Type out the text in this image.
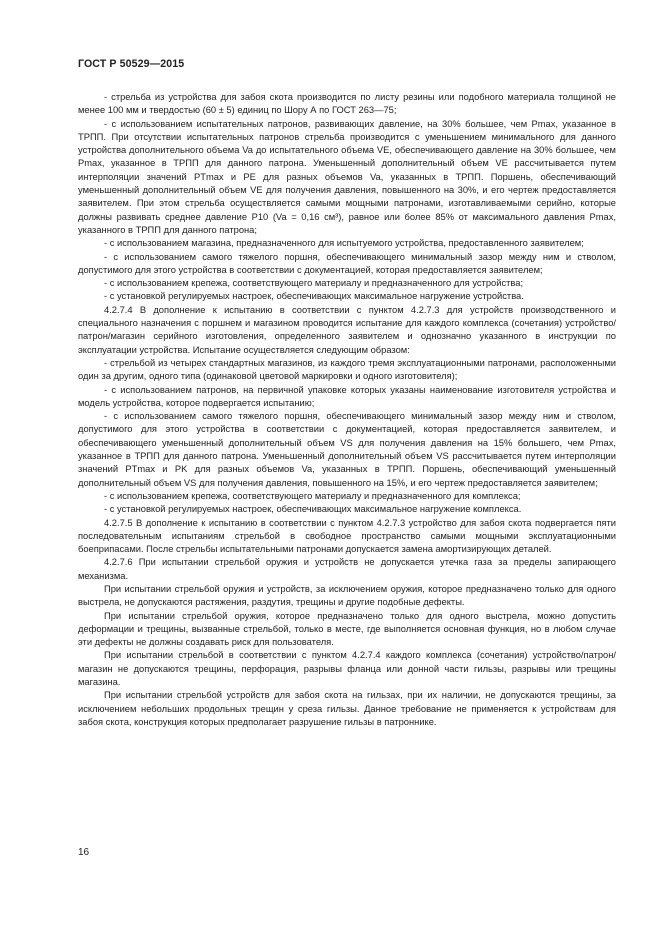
ГОСТ Р 50529—2015

- стрельба из устройства для забоя скота производится по листу резины или подобного материала толщиной не менее 100 мм и твердостью (60 ± 5) единиц по Шору А по ГОСТ 263—75;

- с использованием испытательных патронов, развивающих давление, на 30% большее, чем Pmax, указанное в ТРПП. При отсутствии испытательных патронов стрельба производится с уменьшением минимального для данного устройства дополнительного объема Va до испытательного объема VE, обеспечивающего давление на 30% большее, чем Pmax, указанное в ТРПП для данного патрона. Уменьшенный дополнительный объем VE рассчитывается путем интерполяции значений PTmax и PE для разных объемов Va, указанных в ТРПП. Поршень, обеспечивающий уменьшенный дополнительный объем VE для получения давления, повышенного на 30%, и его чертеж предоставляется заявителем. При этом стрельба осуществляется самыми мощными патронами, изготавливаемыми серийно, которые должны развивать среднее давление P10 (Va = 0,16 см³), равное или более 85% от максимального давления Pmax, указанного в ТРПП для данного патрона;

- с использованием магазина, предназначенного для испытуемого устройства, предоставленного заявителем;

- с использованием самого тяжелого поршня, обеспечивающего минимальный зазор между ним и стволом, допустимого для этого устройства в соответствии с документацией, которая предоставляется заявителем;

- с использованием крепежа, соответствующего материалу и предназначенного для устройства;

- с установкой регулируемых настроек, обеспечивающих максимальное нагружение устройства.

4.2.7.4 В дополнение к испытанию в соответствии с пунктом 4.2.7.3 для устройств производственного и специального назначения с поршнем и магазином проводится испытание для каждого комплекса (сочетания) устройство/патрон/магазин серийного изготовления, определенного заявителем и однозначно указанного в инструкции по эксплуатации устройства. Испытание осуществляется следующим образом:

- стрельбой из четырех стандартных магазинов, из каждого тремя эксплуатационными патронами, расположенными один за другим, одного типа (одинаковой цветовой маркировки и одного изготовителя);

- с использованием патронов, на первичной упаковке которых указаны наименование изготовителя устройства и модель устройства, которое подвергается испытанию;

- с использованием самого тяжелого поршня, обеспечивающего минимальный зазор между ним и стволом, допустимого для этого устройства в соответствии с документацией, которая предоставляется заявителем, и обеспечивающего уменьшенный дополнительный объем VS для получения давления на 15% большего, чем Pmax, указанное в ТРПП для данного патрона. Уменьшенный дополнительный объем VS рассчитывается путем интерполяции значений PTmax и PK для разных объемов Va, указанных в ТРПП. Поршень, обеспечивающий уменьшенный дополнительный объем VS для получения давления, повышенного на 15%, и его чертеж предоставляется заявителем;

- с использованием крепежа, соответствующего материалу и предназначенного для комплекса;

- с установкой регулируемых настроек, обеспечивающих максимальное нагружение комплекса.

4.2.7.5 В дополнение к испытанию в соответствии с пунктом 4.2.7.3 устройство для забоя скота подвергается пяти последовательным испытаниям стрельбой в свободное пространство самыми мощными эксплуатационными боеприпасами. После стрельбы испытательными патронами допускается замена амортизирующих деталей.

4.2.7.6 При испытании стрельбой оружия и устройств не допускается утечка газа за пределы запирающего механизма.

При испытании стрельбой оружия и устройств, за исключением оружия, которое предназначено только для одного выстрела, не допускаются растяжения, раздутия, трещины и другие подобные дефекты.

При испытании стрельбой оружия, которое предназначено только для одного выстрела, можно допустить деформации и трещины, вызванные стрельбой, только в месте, где выполняется основная функция, но в любом случае эти дефекты не должны создавать риск для пользователя.

При испытании стрельбой в соответствии с пунктом 4.2.7.4 каждого комплекса (сочетания) устройство/патрон/магазин не допускаются трещины, перфорация, разрывы фланца или донной части гильзы, разрывы или трещины магазина.

При испытании стрельбой устройств для забоя скота на гильзах, при их наличии, не допускаются трещины, за исключением небольших продольных трещин у среза гильзы. Данное требование не применяется к устройствам для забоя скота, конструкция которых предполагает разрушение гильзы в патроннике.

16
